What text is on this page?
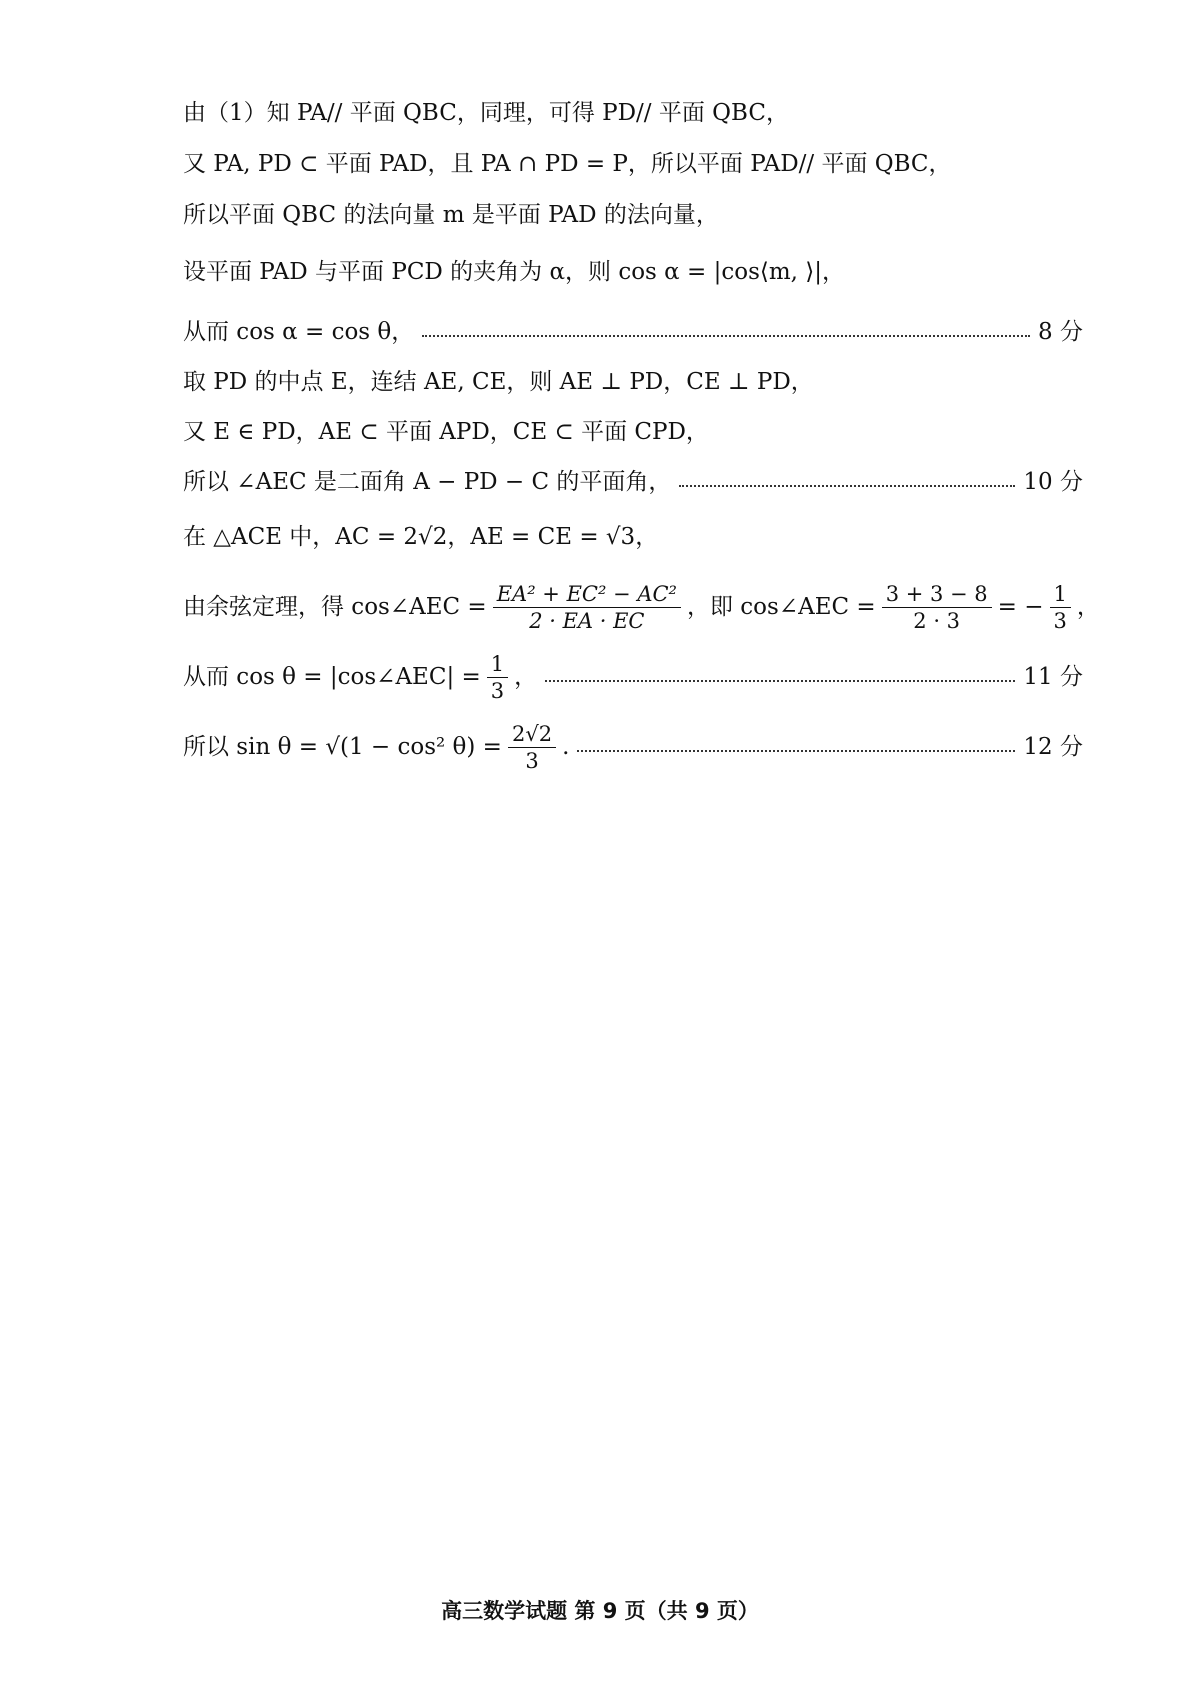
由（1）知 PA// 平面 QBC，同理，可得 PD// 平面 QBC，
又 PA, PD ⊂ 平面 PAD，且 PA ∩ PD = P，所以平面 PAD// 平面 QBC，
所以平面 QBC 的法向量 m 是平面 PAD 的法向量，
设平面 PAD 与平面 PCD 的夹角为 α，则 cos α = |cos⟨m, ⟩|，
从而 cos α = cos θ，	8 分
取 PD 的中点 E，连结 AE, CE，则 AE ⊥ PD，CE ⊥ PD，
又 E ∈ PD，AE ⊂ 平面 APD，CE ⊂ 平面 CPD，
所以 ∠AEC 是二面角 A − PD − C 的平面角，	10 分
在 △ACE 中，AC = 2√2，AE = CE = √3，
由余弦定理，得 cos∠AEC = $\frac{\text{EA² + EC² − AC²}}{2 \cdot EA \cdot EC}$ ，即 cos∠AEC = $\frac{3 + 3 - 8}{2 \cdot 3}$ = − $\frac{1}{3}$ ，
从而 cos θ = |cos∠AEC| = $\frac{1}{3}$ ，	11 分
所以 sin θ = √(1 − cos² $\theta) = \frac{2√2}{3}$ .	12 分
高三数学试题 第 9 页（共 9 页）
